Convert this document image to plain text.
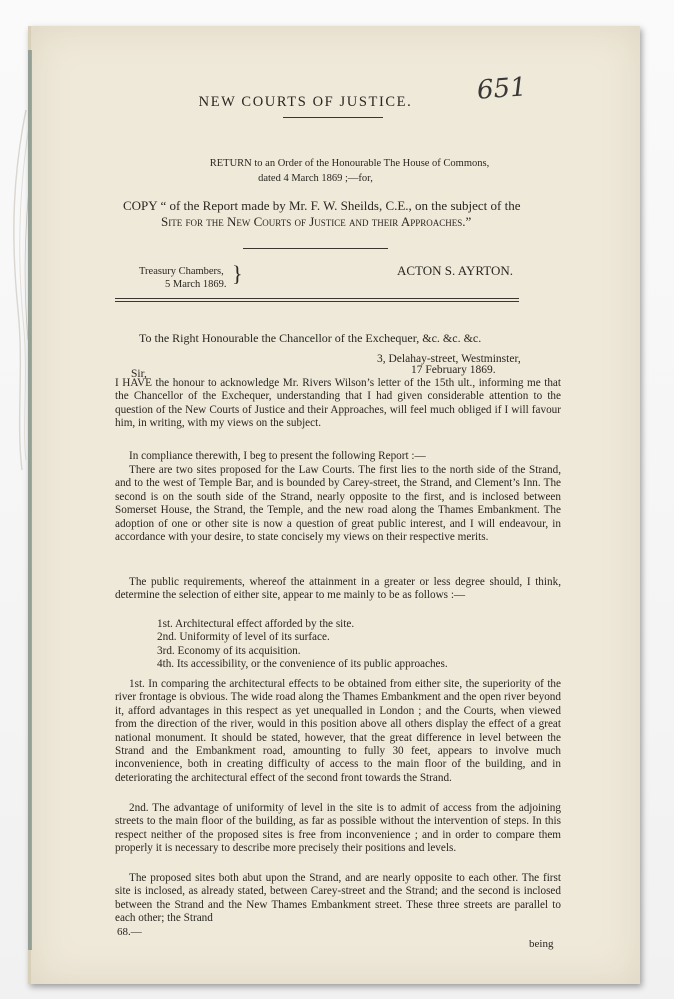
651
NEW COURTS OF JUSTICE.
RETURN to an Order of the Honourable The House of Commons,
dated 4 March 1869 ;—for,
COPY “ of the Report made by Mr. F. W. Sheilds, C.E., on the subject of the
Site for the New Courts of Justice and their Approaches.”
Treasury Chambers,
5 March 1869. }	ACTON S. AYRTON.
To the Right Honourable the Chancellor of the Exchequer, &c. &c. &c.
3, Delahay-street, Westminster,
Sir,	17 February 1869.

I HAVE the honour to acknowledge Mr. Rivers Wilson’s letter of the 15th ult., informing me that the Chancellor of the Exchequer, understanding that I had given considerable attention to the question of the New Courts of Justice and their Approaches, will feel much obliged if I will favour him, in writing, with my views on the subject.

In compliance therewith, I beg to present the following Report :—

There are two sites proposed for the Law Courts. The first lies to the north side of the Strand, and to the west of Temple Bar, and is bounded by Carey-street, the Strand, and Clement’s Inn. The second is on the south side of the Strand, nearly opposite to the first, and is inclosed between Somerset House, the Strand, the Temple, and the new road along the Thames Embankment. The adoption of one or other site is now a question of great public interest, and I will endeavour, in accordance with your desire, to state concisely my views on their respective merits.

The public requirements, whereof the attainment in a greater or less degree should, I think, determine the selection of either site, appear to me mainly to be as follows :—

1st. Architectural effect afforded by the site.
2nd. Uniformity of level of its surface.
3rd. Economy of its acquisition.
4th. Its accessibility, or the convenience of its public approaches.

1st. In comparing the architectural effects to be obtained from either site, the superiority of the river frontage is obvious. The wide road along the Thames Embankment and the open river beyond it, afford advantages in this respect as yet unequalled in London ; and the Courts, when viewed from the direction of the river, would in this position above all others display the effect of a great national monument. It should be stated, however, that the great difference in level between the Strand and the Embankment road, amounting to fully 30 feet, appears to involve much inconvenience, both in creating difficulty of access to the main floor of the building, and in deteriorating the architectural effect of the second front towards the Strand.

2nd. The advantage of uniformity of level in the site is to admit of access from the adjoining streets to the main floor of the building, as far as possible without the intervention of steps. In this respect neither of the proposed sites is free from inconvenience ; and in order to compare them properly it is necessary to describe more precisely their positions and levels.

The proposed sites both abut upon the Strand, and are nearly opposite to each other. The first site is inclosed, as already stated, between Carey-street and the Strand; and the second is inclosed between the Strand and the New Thames Embankment street. These three streets are parallel to each other; the Strand

68.—
being
